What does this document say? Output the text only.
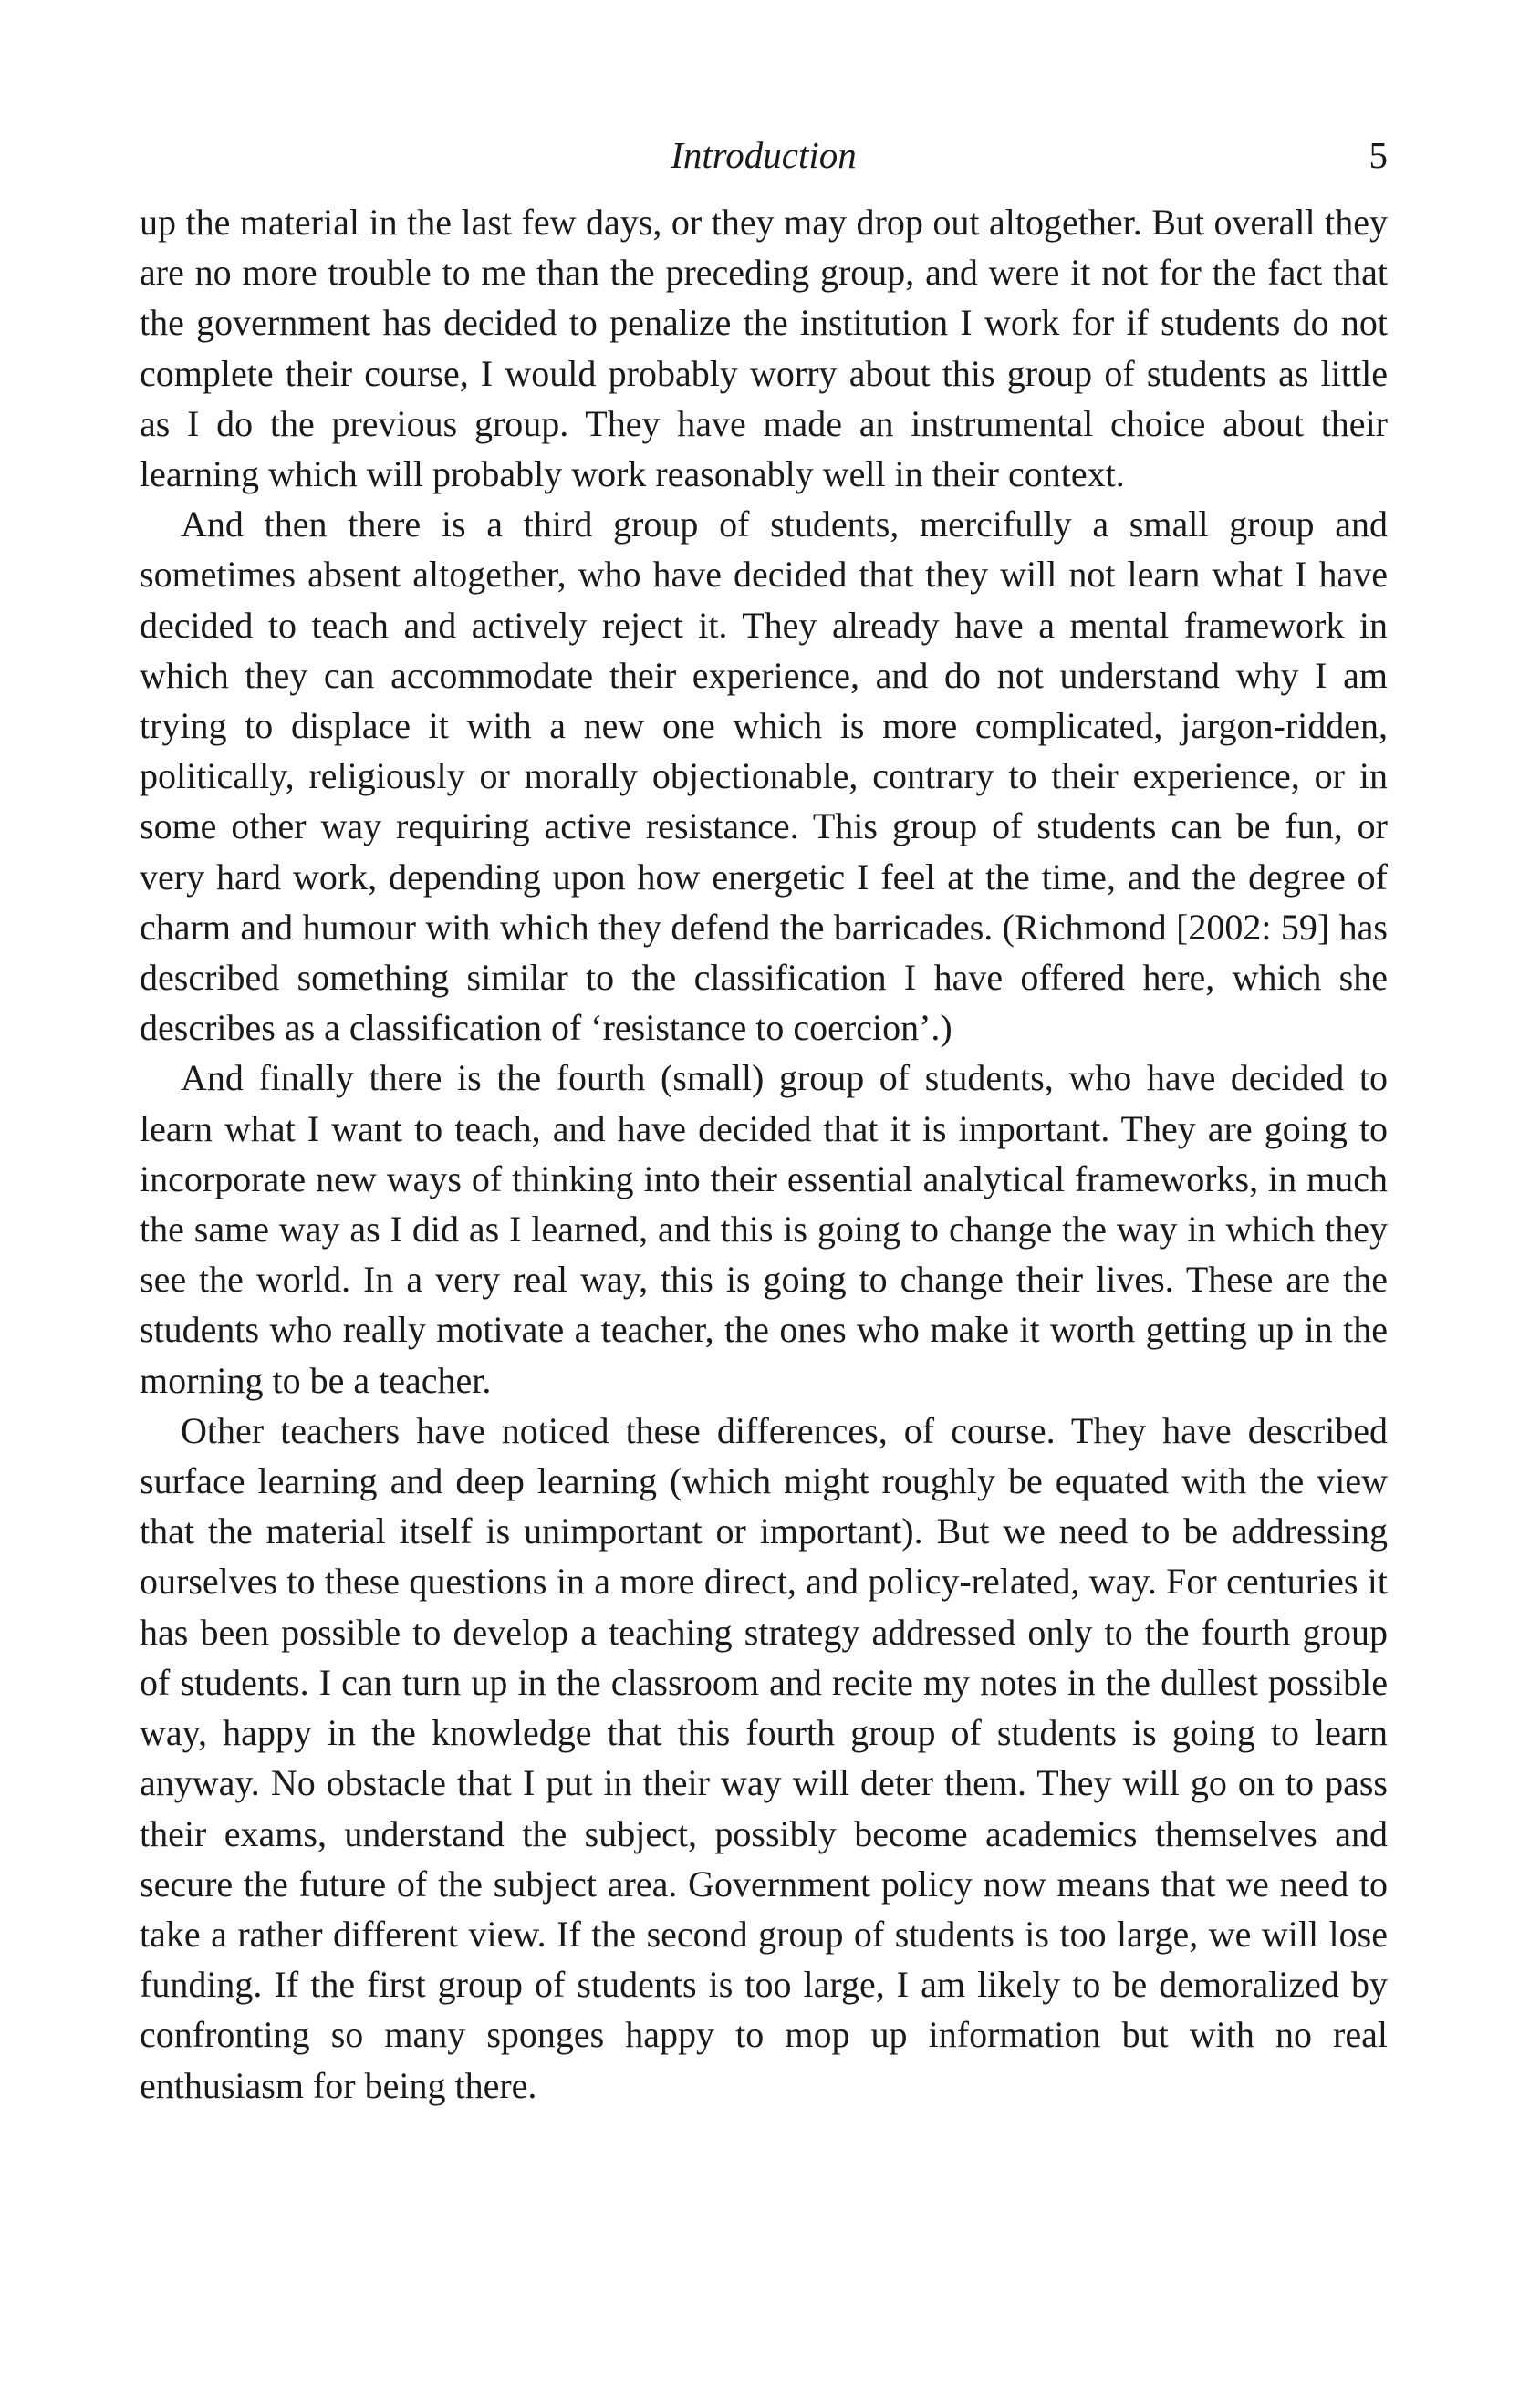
Introduction	5

up the material in the last few days, or they may drop out altogether. But overall they are no more trouble to me than the preceding group, and were it not for the fact that the government has decided to penalize the institution I work for if students do not complete their course, I would probably worry about this group of students as little as I do the previous group. They have made an instrumental choice about their learning which will probably work reasonably well in their context.

And then there is a third group of students, mercifully a small group and sometimes absent altogether, who have decided that they will not learn what I have decided to teach and actively reject it. They already have a mental framework in which they can accommodate their experience, and do not understand why I am trying to displace it with a new one which is more complicated, jargon-ridden, politically, religiously or morally objectionable, contrary to their experience, or in some other way requiring active resistance. This group of students can be fun, or very hard work, depending upon how energetic I feel at the time, and the degree of charm and humour with which they defend the barricades. (Richmond [2002: 59] has described something similar to the classification I have offered here, which she describes as a classification of ‘resistance to coercion’.)

And finally there is the fourth (small) group of students, who have decided to learn what I want to teach, and have decided that it is important. They are going to incorporate new ways of thinking into their essential analytical frameworks, in much the same way as I did as I learned, and this is going to change the way in which they see the world. In a very real way, this is going to change their lives. These are the students who really motivate a teacher, the ones who make it worth getting up in the morning to be a teacher.

Other teachers have noticed these differences, of course. They have described surface learning and deep learning (which might roughly be equated with the view that the material itself is unimportant or important). But we need to be addressing ourselves to these questions in a more direct, and policy-related, way. For centuries it has been possible to develop a teaching strategy addressed only to the fourth group of students. I can turn up in the classroom and recite my notes in the dullest possible way, happy in the knowledge that this fourth group of students is going to learn anyway. No obstacle that I put in their way will deter them. They will go on to pass their exams, understand the subject, possibly become academics themselves and secure the future of the subject area. Government policy now means that we need to take a rather different view. If the second group of students is too large, we will lose funding. If the first group of students is too large, I am likely to be demoralized by confronting so many sponges happy to mop up information but with no real enthusiasm for being there.
